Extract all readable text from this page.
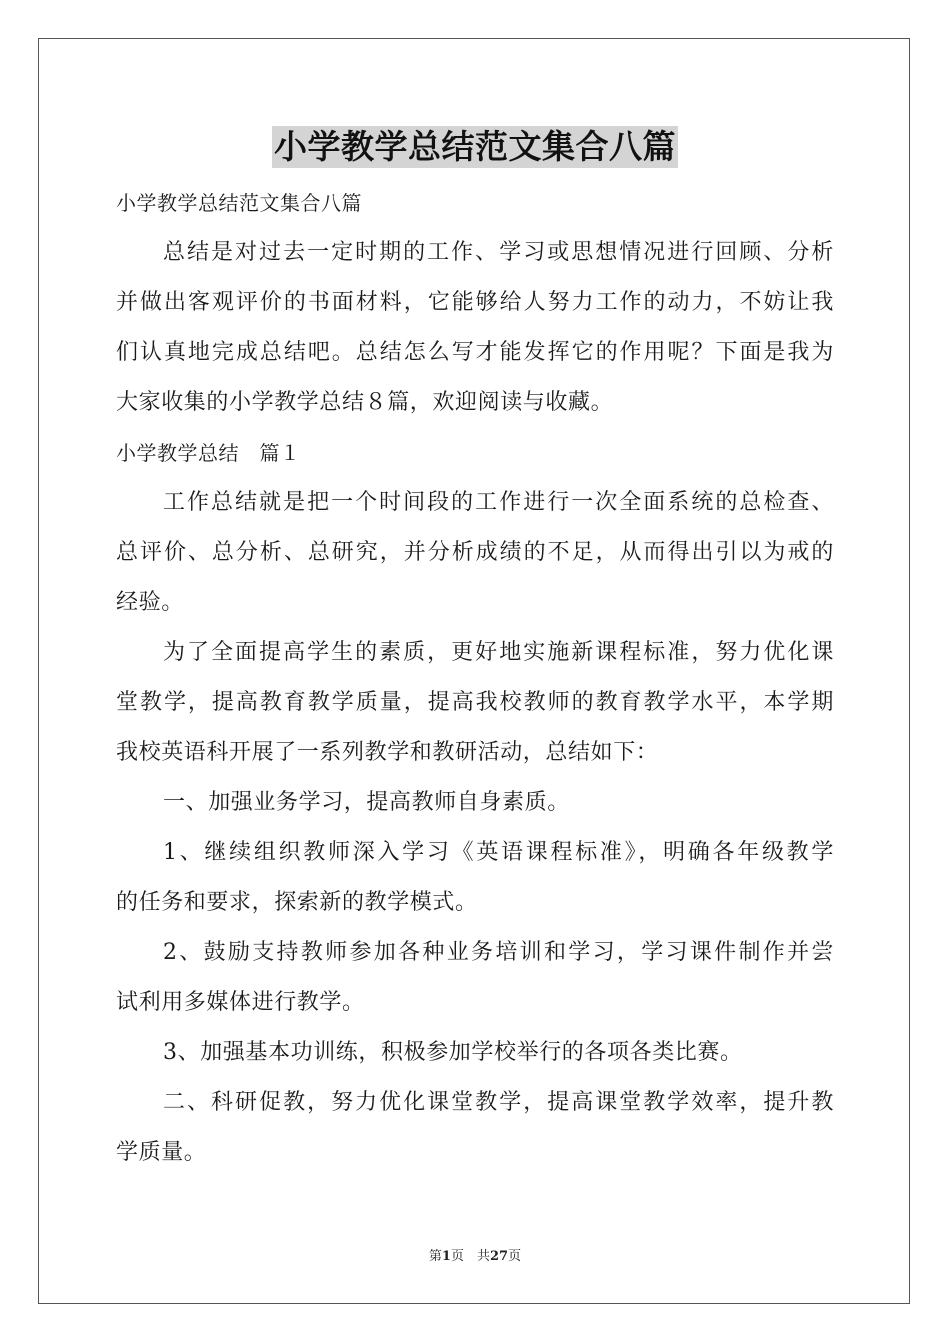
小学教学总结范文集合八篇

小学教学总结范文集合八篇

总结是对过去一定时期的工作、学习或思想情况进行回顾、分析

并做出客观评价的书面材料，它能够给人努力工作的动力，不妨让我

们认真地完成总结吧。总结怎么写才能发挥它的作用呢？下面是我为

大家收集的小学教学总结８篇，欢迎阅读与收藏。

小学教学总结　篇１

工作总结就是把一个时间段的工作进行一次全面系统的总检查、

总评价、总分析、总研究，并分析成绩的不足，从而得出引以为戒的

经验。

为了全面提高学生的素质，更好地实施新课程标准，努力优化课

堂教学，提高教育教学质量，提高我校教师的教育教学水平，本学期

我校英语科开展了一系列教学和教研活动，总结如下：

一、加强业务学习，提高教师自身素质。

1、继续组织教师深入学习《英语课程标准》，明确各年级教学

的任务和要求，探索新的教学模式。

2、鼓励支持教师参加各种业务培训和学习，学习课件制作并尝

试利用多媒体进行教学。

3、加强基本功训练，积极参加学校举行的各项各类比赛。

二、科研促教，努力优化课堂教学，提高课堂教学效率，提升教

学质量。

第1页　共27页
